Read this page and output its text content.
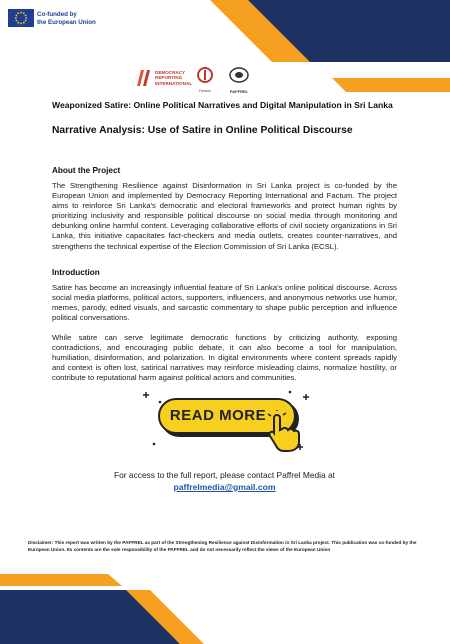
Co-funded by
the European Union
DEMOCRACY
REPORTING
INTERNATIONAL
Factum	PAFFREL
Weaponized Satire: Online Political Narratives and Digital Manipulation in Sri Lanka
Narrative Analysis: Use of Satire in Online Political Discourse
About the Project
The Strengthening Resilience against Disinformation in Sri Lanka project is co-funded by the European Union and implemented by Democracy Reporting International and Factum. The project aims to reinforce Sri Lanka's democratic and electoral frameworks and protect human rights by prioritizing inclusivity and responsible political discourse on social media through monitoring and debunking online harmful content. Leveraging collaborative efforts of civil society organizations in Sri Lanka, this initiative capacitates fact-checkers and media outlets, creates counter-narratives, and strengthens the technical expertise of the Election Commission of Sri Lanka (ECSL).
Introduction
Satire has become an increasingly influential feature of Sri Lanka's online political discourse. Across social media platforms, political actors, supporters, influencers, and anonymous networks use humor, memes, parody, edited visuals, and sarcastic commentary to shape public perception and influence political conversations.
While satire can serve legitimate democratic functions by criticizing authority, exposing contradictions, and encouraging public debate, it can also become a tool for manipulation, humiliation, disinformation, and polarization. In digital environments where content spreads rapidly and context is often lost, satirical narratives may reinforce misleading claims, normalize hostility, or contribute to reputational harm against political actors and communities.
READ MORE
For access to the full report, please contact Paffrel Media at
paffrelmedia@gmail.com
Disclaimer: This report was written by the PAFFREL as part of the Strengthening Resilience against Disinformation in Sri Lanka project. This publication was co-funded by the European Union. Its contents are the sole responsibility of the PAFFREL and do not necessarily reflect the views of the European Union
